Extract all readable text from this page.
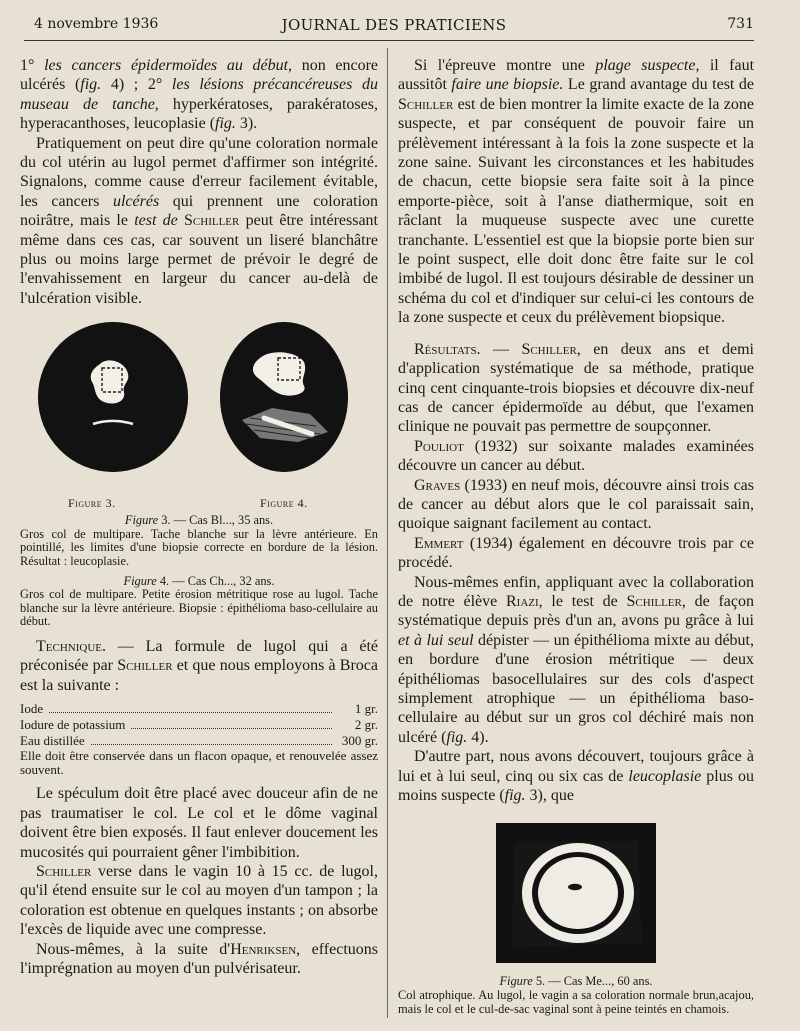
4 novembre 1936	JOURNAL DES PRATICIENS	731

1° les cancers épidermoïdes au début, non encore ulcérés (fig. 4) ; 2° les lésions précancéreuses du museau de tanche, hyperkératoses, parakératoses, hyperacanthoses, leucoplasie (fig. 3).

Pratiquement on peut dire qu'une coloration normale du col utérin au lugol permet d'affirmer son intégrité. Signalons, comme cause d'erreur facilement évitable, les cancers ulcérés qui prennent une coloration noirâtre, mais le test de Schiller peut être intéressant même dans ces cas, car souvent un liseré blanchâtre plus ou moins large permet de prévoir le degré de l'envahissement en largeur du cancer au-delà de l'ulcération visible.

Figure 3.	Figure 4.
Figure 3. — Cas Bl..., 35 ans.
Gros col de multipare. Tache blanche sur la lèvre antérieure. En pointillé, les limites d'une biopsie correcte en bordure de la lésion. Résultat : leucoplasie.
Figure 4. — Cas Ch..., 32 ans.
Gros col de multipare. Petite érosion métritique rose au lugol. Tache blanche sur la lèvre antérieure. Biopsie : épithélioma baso-cellulaire au début.

Technique. — La formule de lugol qui a été préconisée par Schiller et que nous employons à Broca est la suivante :

Iode	1 gr.
Iodure de potassium	2 gr.
Eau distillée	300 gr.
Elle doit être conservée dans un flacon opaque, et renouvelée assez souvent.

Le spéculum doit être placé avec douceur afin de ne pas traumatiser le col. Le col et le dôme vaginal doivent être bien exposés. Il faut enlever doucement les mucosités qui pourraient gêner l'imbibition.

Schiller verse dans le vagin 10 à 15 cc. de lugol, qu'il étend ensuite sur le col au moyen d'un tampon ; la coloration est obtenue en quelques instants ; on absorbe l'excès de liquide avec une compresse.

Nous-mêmes, à la suite d'Henriksen, effectuons l'imprégnation au moyen d'un pulvérisateur.

Si l'épreuve montre une plage suspecte, il faut aussitôt faire une biopsie. Le grand avantage du test de Schiller est de bien montrer la limite exacte de la zone suspecte, et par conséquent de pouvoir faire un prélèvement intéressant à la fois la zone suspecte et la zone saine. Suivant les circonstances et les habitudes de chacun, cette biopsie sera faite soit à la pince emporte-pièce, soit à l'anse diathermique, soit en râclant la muqueuse suspecte avec une curette tranchante. L'essentiel est que la biopsie porte bien sur le point suspect, elle doit donc être faite sur le col imbibé de lugol. Il est toujours désirable de dessiner un schéma du col et d'indiquer sur celui-ci les contours de la zone suspecte et ceux du prélèvement biopsique.

Résultats. — Schiller, en deux ans et demi d'application systématique de sa méthode, pratique cinq cent cinquante-trois biopsies et découvre dix-neuf cas de cancer épidermoïde au début, que l'examen clinique ne pouvait pas permettre de soupçonner.

Pouliot (1932) sur soixante malades examinées découvre un cancer au début.

Graves (1933) en neuf mois, découvre ainsi trois cas de cancer au début alors que le col paraissait sain, quoique saignant facilement au contact.

Emmert (1934) également en découvre trois par ce procédé.

Nous-mêmes enfin, appliquant avec la collaboration de notre élève Riazi, le test de Schiller, de façon systématique depuis près d'un an, avons pu grâce à lui et à lui seul dépister — un épithélioma mixte au début, en bordure d'une érosion métritique — deux épithéliomas basocellulaires sur des cols d'aspect simplement atrophique — un épithélioma baso-cellulaire au début sur un gros col déchiré mais non ulcéré (fig. 4).

D'autre part, nous avons découvert, toujours grâce à lui et à lui seul, cinq ou six cas de leucoplasie plus ou moins suspecte (fig. 3), que

Figure 5. — Cas Me..., 60 ans.
Col atrophique. Au lugol, le vagin a sa coloration normale brun,acajou, mais le col et le cul-de-sac vaginal sont à peine teintés en chamois.
